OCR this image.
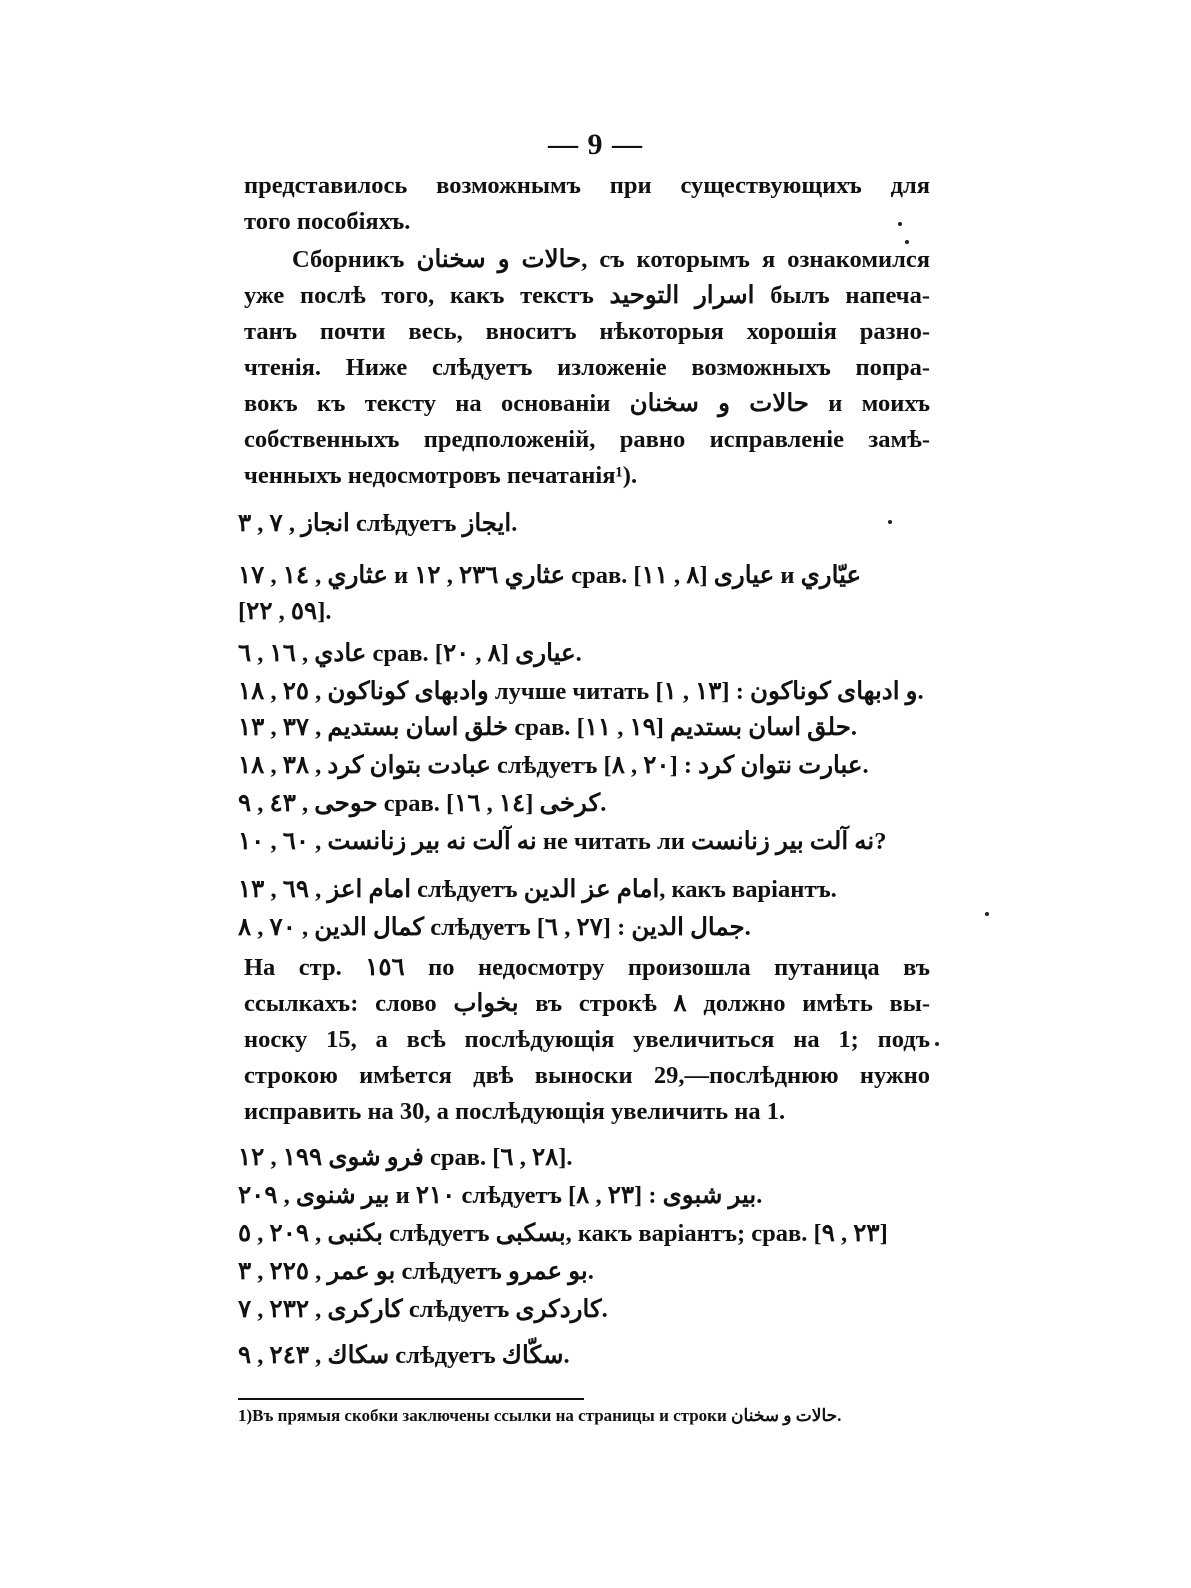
— 9 —
представилось возможнымъ при существующихъ для
того пособіяхъ.
Сборникъ حالات و سخنان, съ которымъ я ознакомился
уже послѣ того, какъ текстъ اسرار التوحيد былъ напеча-
танъ почти весь, вноситъ нѣкоторыя хорошія разно-
чтенія. Ниже слѣдуетъ изложеніе возможныхъ попра-
вокъ къ тексту на основаніи حالات و سخنان и моихъ
собственныхъ предположеній, равно исправленіе замѣ-
ченныхъ недосмотровъ печатанія¹).
انجاز , ٧ , ٣ слѣдуетъ ايجاز.
عثاري , ١٤ , ١٧ и عثاري ٢٣٦ , ١٢ срав. عيارى [٨ , ١١] и عيّاري
[٥٩ , ٢٢].
عادي , ١٦ , ٦ срав. عيارى [٨ , ٢٠].
وادبهاى كوناكون , ٢٥ , ١٨ лучше читать و ادبهاى كوناكون : [١٣ , ١].
خلق اسان بستديم , ٣٧ , ١٣ срав. حلق اسان بستديم [١٩ , ١١].
عبادت بتوان كرد , ٣٨ , ١٨ слѣдуетъ عبارت نتوان كرد : [٢٠ , ٨].
حوحى , ٤٣ , ٩ срав. كرخى [١٤ , ١٦].
نه آلت نه بير زنانست , ٦٠ , ١٠ не читать ли نه آلت بير زنانست?
امام اعز , ٦٩ , ١٣ слѣдуетъ امام عز الدين, какъ варіантъ.
كمال الدين , ٧٠ , ٨ слѣдуетъ جمال الدين : [٢٧ , ٦].
На стр. ١٥٦ по недосмотру произошла путаница въ
ссылкахъ: слово بخواب въ строкѣ ٨ должно имѣть вы-
носку 15, а всѣ послѣдующія увеличиться на 1; подъ
строкою имѣется двѣ выноски 29,—послѣднюю нужно
исправить на 30, а послѣдующія увеличить на 1.
فرو شوى ١٩٩ , ١٢ срав. [٢٨ , ٦].
بير شنوى , ٢٠٩ и ٢١٠ слѣдуетъ بير شبوى : [٢٣ , ٨].
بكنبى , ٢٠٩ , ٥ слѣдуетъ بسكبى, какъ варіантъ; срав. [٢٣ , ٩]
بو عمر , ٢٢٥ , ٣ слѣдуетъ بو عمرو.
كاركرى , ٢٣٢ , ٧ слѣдуетъ كاردكرى.
سكاك , ٢٤٣ , ٩ слѣдуетъ سكّاك.
1)Въ прямыя скобки заключены ссылки на страницы и строки حالات و سخنان.
